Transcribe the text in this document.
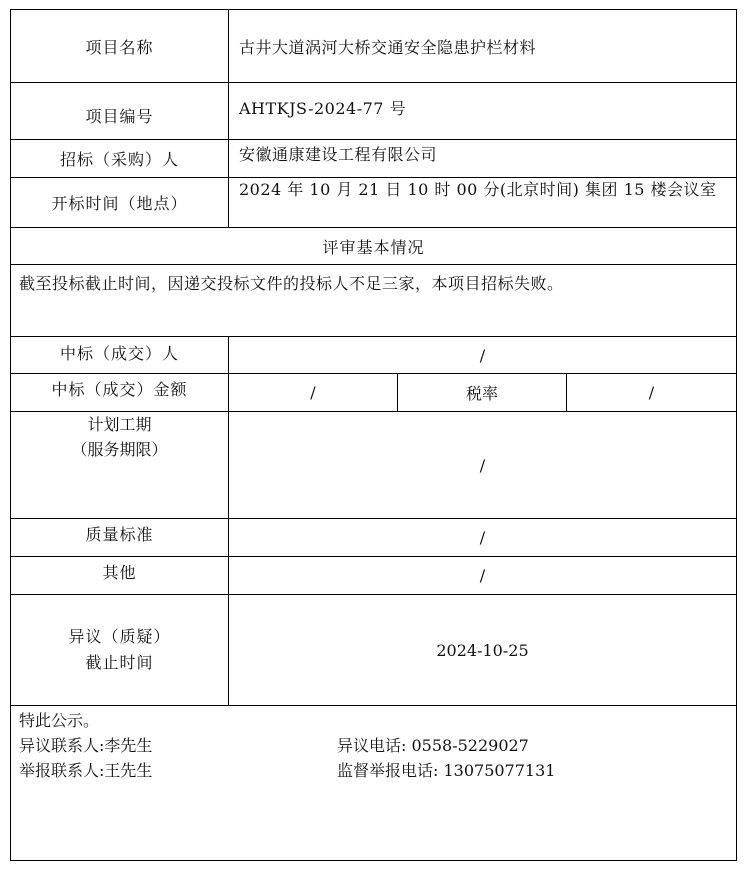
项目名称	古井大道涡河大桥交通安全隐患护栏材料		
项目编号	AHTKJS-2024-77 号		
招标（采购）人	安徽通康建设工程有限公司		
开标时间（地点）	2024 年 10 月 21 日 10 时 00 分(北京时间) 集团 15 楼会议室		
评审基本情况			
截至投标截止时间，因递交投标文件的投标人不足三家，本项目招标失败。			
中标（成交）人	/		
中标（成交）金额	/	税率	/

计划工期
（服务期限）	/		
质量标准	/		
其他	/		

异议（质疑）
截止时间	2024-10-25		

特此公示。
异议联系人:李先生 异议电话: 0558-5229027
举报联系人:王先生 监督举报电话: 13075077131			
